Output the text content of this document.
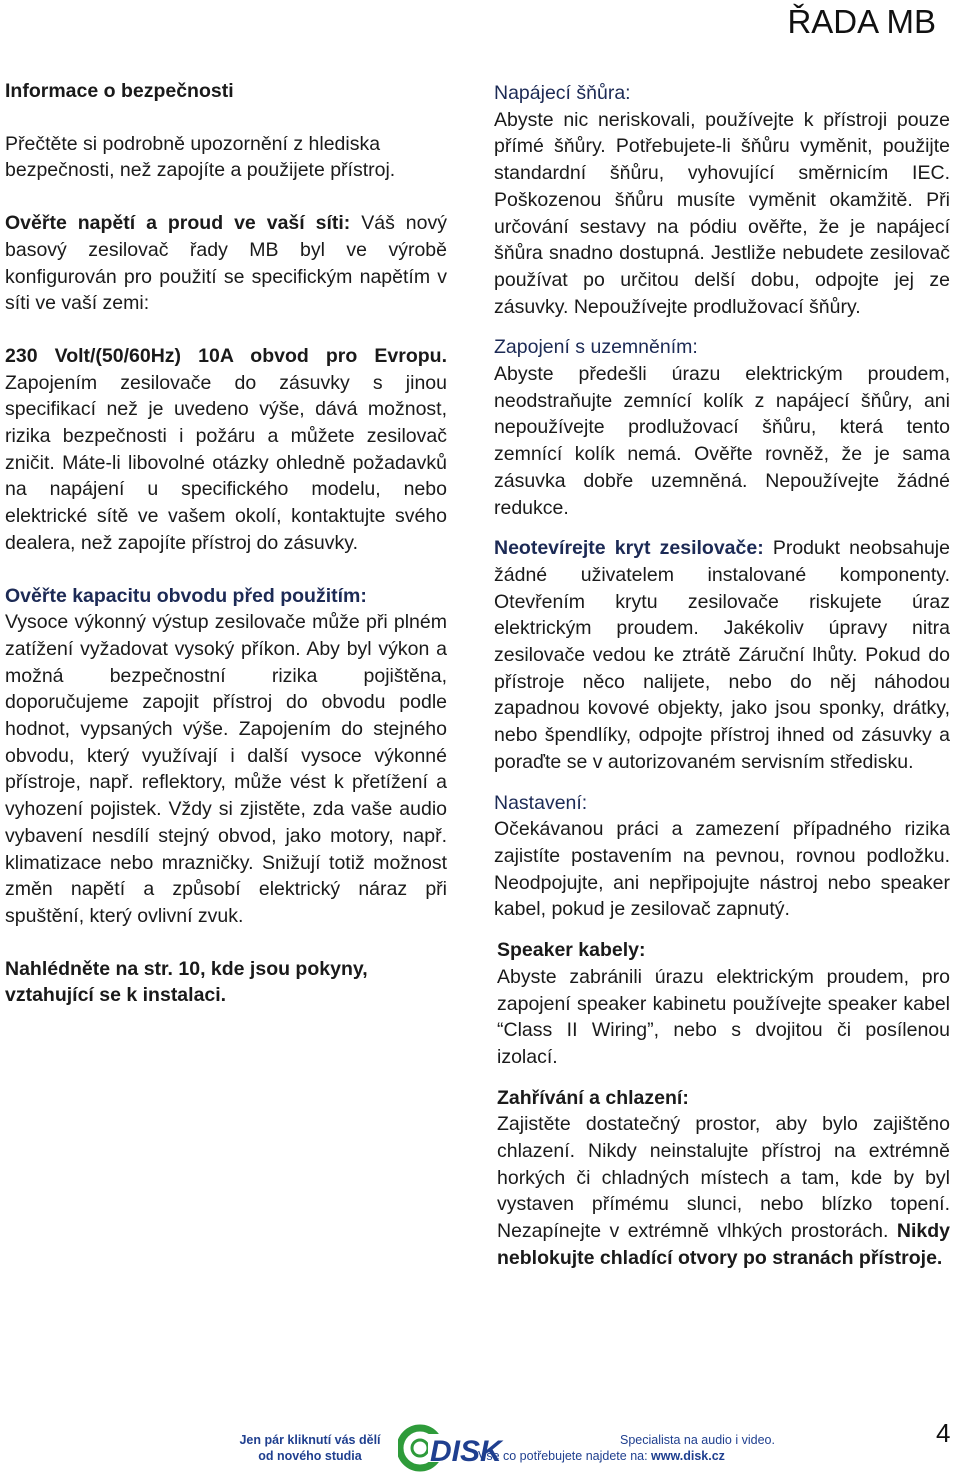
ŘADA MB

Informace o bezpečnosti

Přečtěte si podrobně upozornění z hlediska bezpečnosti, než zapojíte a použijete přístroj.

Ověřte napětí a proud ve vaší síti: Váš nový basový zesilovač řady MB byl ve výrobě konfigurován pro použití se specifickým napětím v síti ve vaší zemi:

230 Volt/(50/60Hz) 10A obvod pro Evropu. Zapojením zesilovače do zásuvky s jinou specifikací než je uvedeno výše, dává možnost, rizika bezpečnosti i požáru a můžete zesilovač zničit. Máte-li libovolné otázky ohledně požadavků na napájení u specifického modelu, nebo elektrické sítě ve vašem okolí, kontaktujte svého dealera, než zapojíte přístroj do zásuvky.

Ověřte kapacitu obvodu před použitím:

Vysoce výkonný výstup zesilovače může při plném zatížení vyžadovat vysoký příkon. Aby byl výkon a možná bezpečnostní rizika pojištěna, doporučujeme zapojit přístroj do obvodu podle hodnot, vypsaných výše. Zapojením do stejného obvodu, který využívají i další vysoce výkonné přístroje, např. reflektory, může vést k přetížení a vyhození pojistek. Vždy si zjistěte, zda vaše audio vybavení nesdílí stejný obvod, jako motory, např. klimatizace nebo mrazničky. Snižují totiž možnost změn napětí a způsobí elektrický náraz při spuštění, který ovlivní zvuk.

Nahlédněte na str. 10, kde jsou pokyny, vztahující se k instalaci.

Napájecí šňůra:

Abyste nic neriskovali, používejte k přístroji pouze přímé šňůry. Potřebujete-li šňůru vyměnit, použijte standardní šňůru, vyhovující směrnicím IEC. Poškozenou šňůru musíte vyměnit okamžitě. Při určování sestavy na pódiu ověřte, že je napájecí šňůra snadno dostupná. Jestliže nebudete zesilovač používat po určitou delší dobu, odpojte jej ze zásuvky. Nepoužívejte prodlužovací šňůry.

Zapojení s uzemněním:

Abyste předešli úrazu elektrickým proudem, neodstraňujte zemnící kolík z napájecí šňůry, ani nepoužívejte prodlužovací šňůru, která tento zemnící kolík nemá. Ověřte rovněž, že je sama zásuvka dobře uzemněná. Nepoužívejte žádné redukce.

Neotevírejte kryt zesilovače: Produkt neobsahuje žádné uživatelem instalované komponenty. Otevřením krytu zesilovače riskujete úraz elektrickým proudem. Jakékoliv úpravy nitra zesilovače vedou ke ztrátě Záruční lhůty. Pokud do přístroje něco nalijete, nebo do něj náhodou zapadnou kovové objekty, jako jsou sponky, drátky, nebo špendlíky, odpojte přístroj ihned od zásuvky a poraďte se v autorizovaném servisním středisku.

Nastavení:

Očekávanou práci a zamezení případného rizika zajistíte postavením na pevnou, rovnou podložku. Neodpojujte, ani nepřipojujte nástroj nebo speaker kabel, pokud je zesilovač zapnutý.

Speaker kabely:

Abyste zabránili úrazu elektrickým proudem, pro zapojení speaker kabinetu používejte speaker kabel “Class II Wiring”, nebo s dvojitou či posílenou izolací.

Zahřívání a chlazení:

Zajistěte dostatečný prostor, aby bylo zajištěno chlazení. Nikdy neinstalujte přístroj na extrémně horkých či chladných místech a tam, kde by byl vystaven přímému slunci, nebo blízko topení. Nezapínejte v extrémně vlhkých prostorách. Nikdy neblokujte chladící otvory po stranách přístroje.

Jen pár kliknutí vás dělí
od nového studia	DISK	Specialista na audio i video.
Vše co potřebujete najdete na: www.disk.cz
4
